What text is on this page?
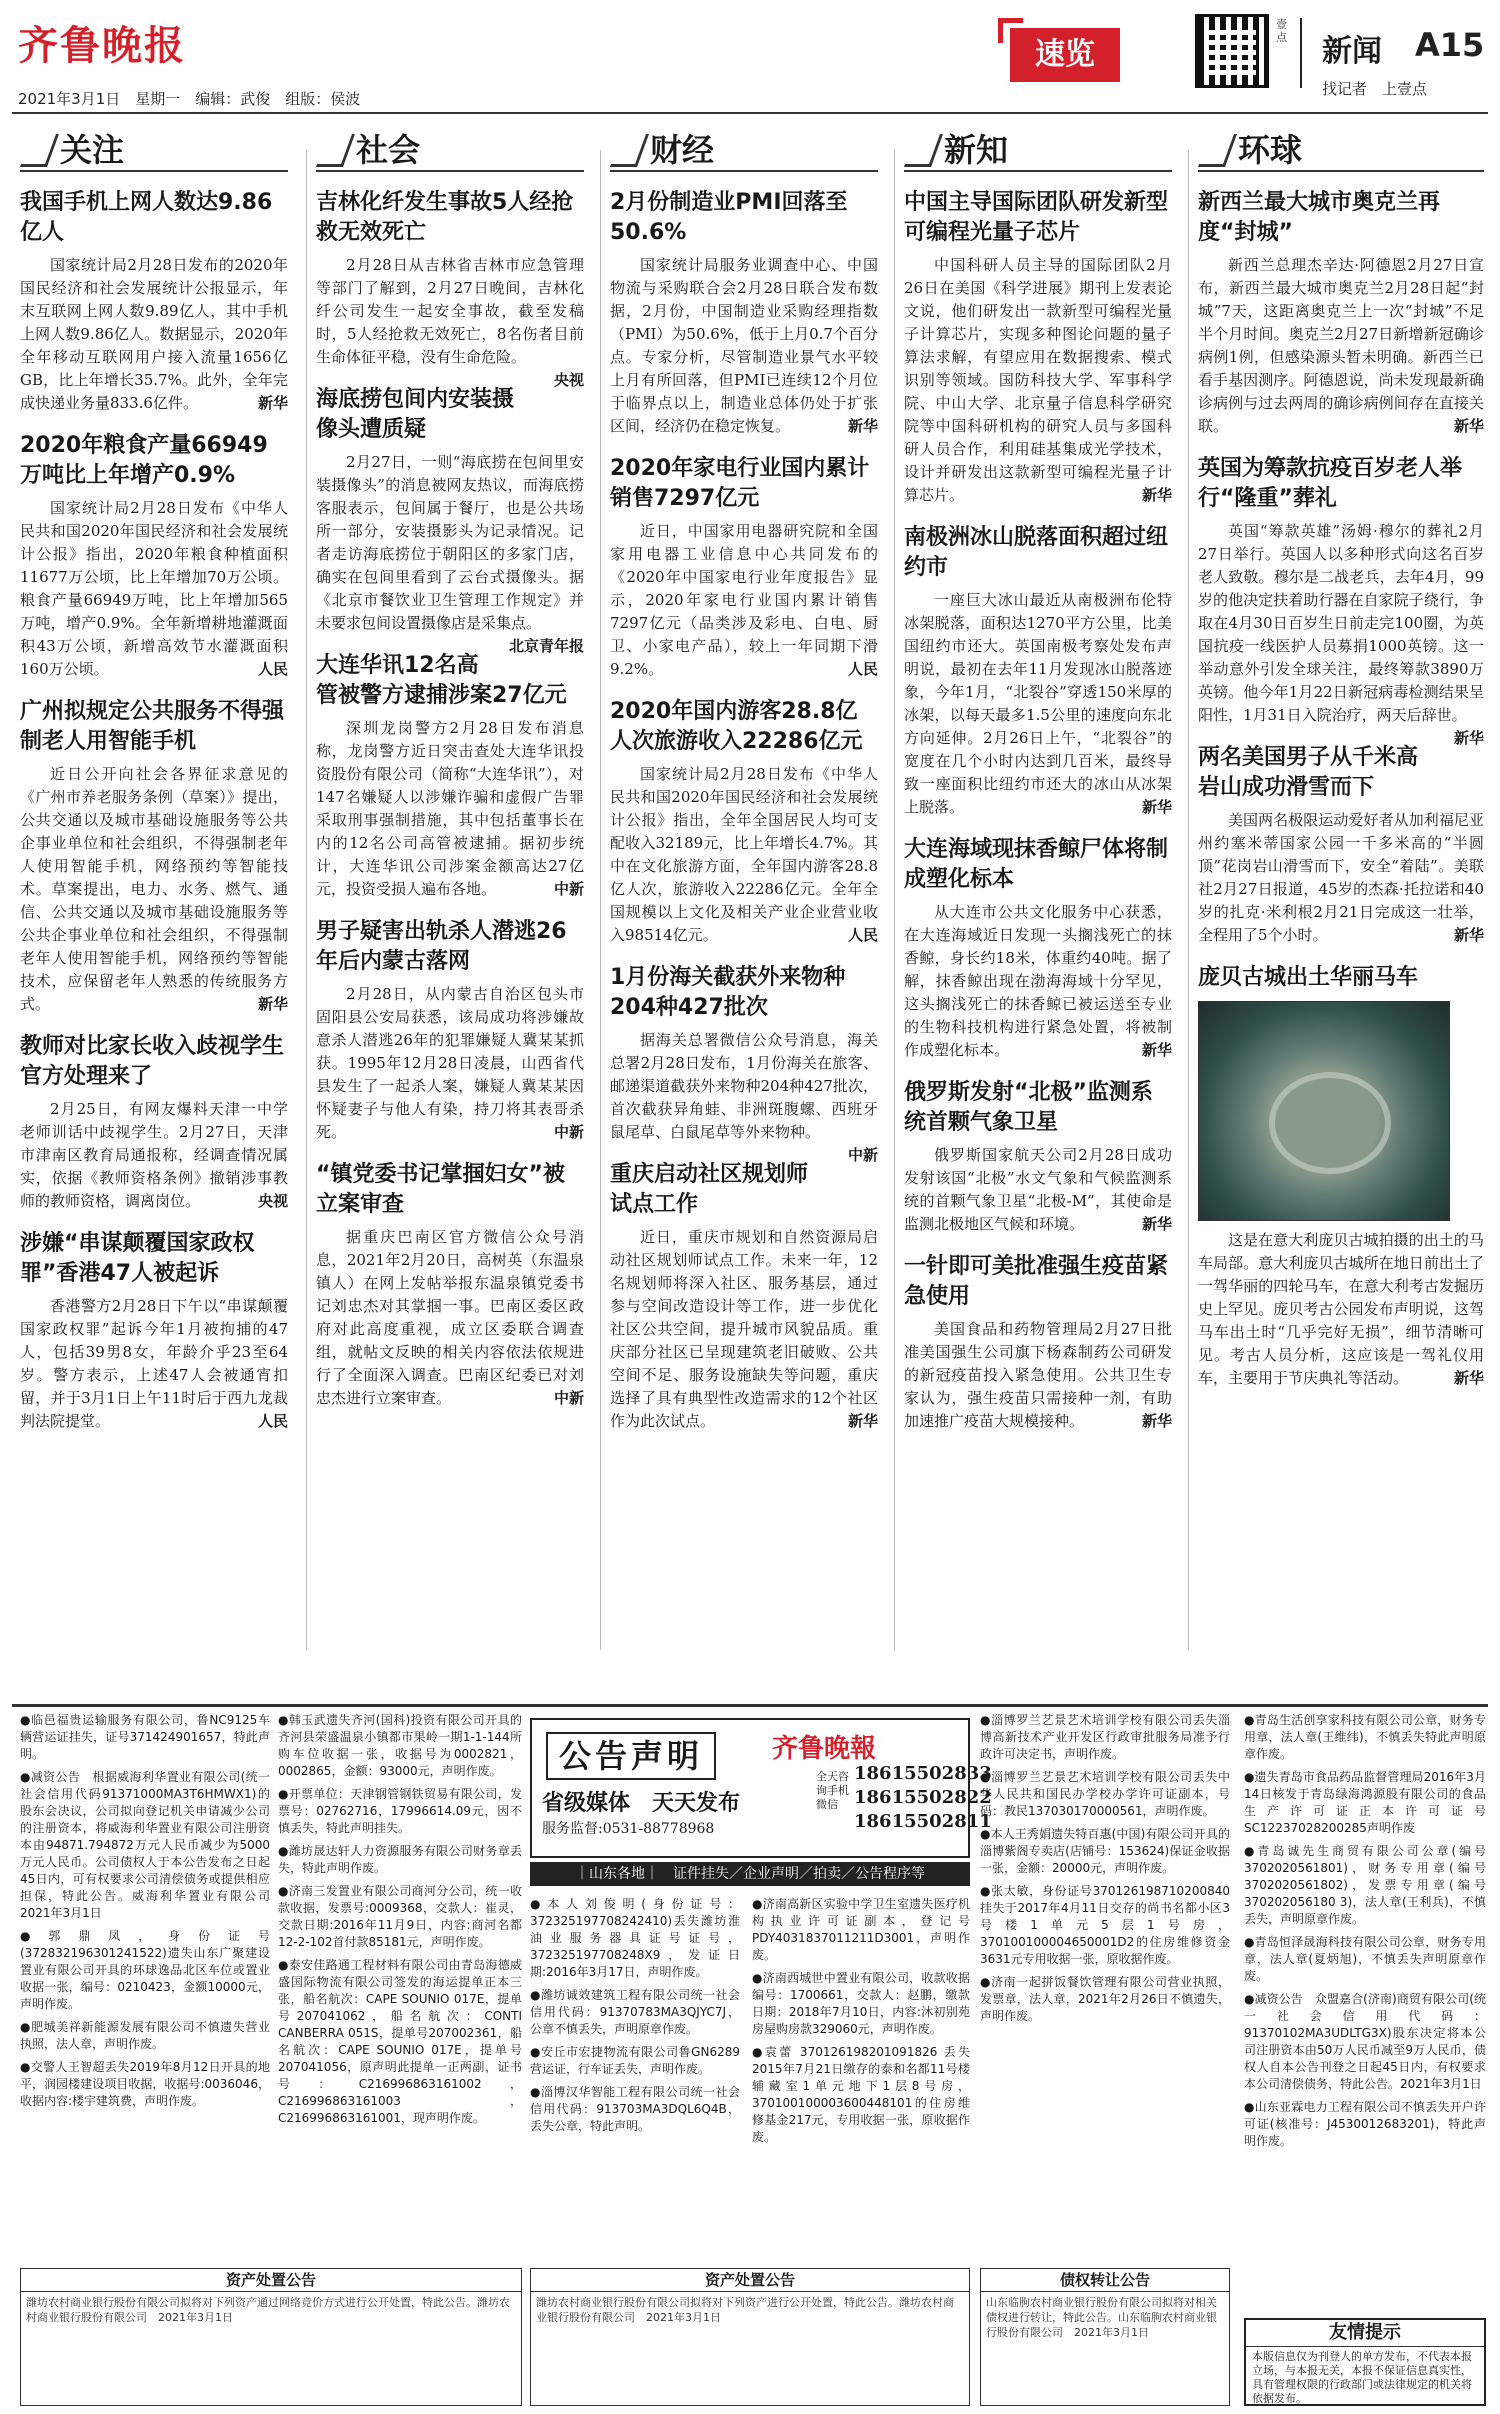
齐鲁晚报
2021年3月1日　星期一　编辑：武俊　组版：侯波
速览
壹点	新闻 A15
找记者　上壹点
关注
我国手机上网人数达9.86亿人
国家统计局2月28日发布的2020年国民经济和社会发展统计公报显示，年末互联网上网人数9.89亿人，其中手机上网人数9.86亿人。数据显示，2020年全年移动互联网用户接入流量1656亿GB，比上年增长35.7%。此外，全年完成快递业务量833.6亿件。	新华
2020年粮食产量66949万吨比上年增产0.9%
国家统计局2月28日发布《中华人民共和国2020年国民经济和社会发展统计公报》指出，2020年粮食种植面积11677万公顷，比上年增加70万公顷。粮食产量66949万吨，比上年增加565万吨，增产0.9%。全年新增耕地灌溉面积43万公顷，新增高效节水灌溉面积160万公顷。	人民
广州拟规定公共服务不得强制老人用智能手机
近日公开向社会各界征求意见的《广州市养老服务条例（草案）》提出，公共交通以及城市基础设施服务等公共企事业单位和社会组织，不得强制老年人使用智能手机，网络预约等智能技术。草案提出，电力、水务、燃气、通信、公共交通以及城市基础设施服务等公共企事业单位和社会组织，不得强制老年人使用智能手机，网络预约等智能技术，应保留老年人熟悉的传统服务方式。	新华
教师对比家长收入歧视学生官方处理来了
2月25日，有网友爆料天津一中学老师训话中歧视学生。2月27日，天津市津南区教育局通报称，经调查情况属实，依据《教师资格条例》撤销涉事教师的教师资格，调离岗位。	央视
涉嫌“串谋颠覆国家政权罪”香港47人被起诉
香港警方2月28日下午以“串谋颠覆国家政权罪”起诉今年1月被拘捕的47人，包括39男8女，年龄介乎23至64岁。警方表示，上述47人会被通宵扣留，并于3月1日上午11时后于西九龙裁判法院提堂。	人民
社会
吉林化纤发生事故5人经抢救无效死亡
2月28日从吉林省吉林市应急管理等部门了解到，2月27日晚间，吉林化纤公司发生一起安全事故，截至发稿时，5人经抢救无效死亡，8名伤者目前生命体征平稳，没有生命危险。
央视
海底捞包间内安装摄像头遭质疑
2月27日，一则“海底捞在包间里安装摄像头”的消息被网友热议，而海底捞客服表示，包间属于餐厅，也是公共场所一部分，安装摄影头为记录情况。记者走访海底捞位于朝阳区的多家门店，确实在包间里看到了云台式摄像头。据《北京市餐饮业卫生管理工作规定》并未要求包间设置摄像店是采集点。
北京青年报
大连华讯12名高管被警方逮捕涉案27亿元
深圳龙岗警方2月28日发布消息称，龙岗警方近日突击查处大连华讯投资股份有限公司（简称“大连华讯”），对147名嫌疑人以涉嫌诈骗和虚假广告罪采取刑事强制措施，其中包括董事长在内的12名公司高管被逮捕。据初步统计，大连华讯公司涉案金额高达27亿元，投资受损人遍布各地。	中新
男子疑害出轨杀人潜逃26年后内蒙古落网
2月28日，从内蒙古自治区包头市固阳县公安局获悉，该局成功将涉嫌故意杀人潜逃26年的犯罪嫌疑人冀某某抓获。1995年12月28日凌晨，山西省代县发生了一起杀人案，嫌疑人冀某某因怀疑妻子与他人有染，持刀将其表哥杀死。	中新
“镇党委书记掌掴妇女”被立案审查
据重庆巴南区官方微信公众号消息，2021年2月20日，高树英（东温泉镇人）在网上发帖举报东温泉镇党委书记刘忠杰对其掌掴一事。巴南区委区政府对此高度重视，成立区委联合调查组，就帖文反映的相关内容依法依规进行了全面深入调查。巴南区纪委已对刘忠杰进行立案审查。	中新
财经
2月份制造业PMI回落至50.6%
国家统计局服务业调查中心、中国物流与采购联合会2月28日联合发布数据，2月份，中国制造业采购经理指数（PMI）为50.6%，低于上月0.7个百分点。专家分析，尽管制造业景气水平较上月有所回落，但PMI已连续12个月位于临界点以上，制造业总体仍处于扩张区间，经济仍在稳定恢复。	新华
2020年家电行业国内累计销售7297亿元
近日，中国家用电器研究院和全国家用电器工业信息中心共同发布的《2020年中国家电行业年度报告》显示，2020年家电行业国内累计销售7297亿元（品类涉及彩电、白电、厨卫、小家电产品），较上一年同期下滑9.2%。	人民
2020年国内游客28.8亿人次旅游收入22286亿元
国家统计局2月28日发布《中华人民共和国2020年国民经济和社会发展统计公报》指出，全年全国居民人均可支配收入32189元，比上年增长4.7%。其中在文化旅游方面，全年国内游客28.8亿人次，旅游收入22286亿元。全年全国规模以上文化及相关产业企业营业收入98514亿元。	人民
1月份海关截获外来物种204种427批次
据海关总署微信公众号消息，海关总署2月28日发布，1月份海关在旅客、邮递渠道截获外来物种204种427批次，首次截获异角蛙、非洲斑腹螺、西班牙鼠尾草、白鼠尾草等外来物种。
中新
重庆启动社区规划师试点工作
近日，重庆市规划和自然资源局启动社区规划师试点工作。未来一年，12名规划师将深入社区、服务基层，通过参与空间改造设计等工作，进一步优化社区公共空间，提升城市风貌品质。重庆部分社区已呈现建筑老旧破败、公共空间不足、服务设施缺失等问题，重庆选择了具有典型性改造需求的12个社区作为此次试点。	新华
新知
中国主导国际团队研发新型可编程光量子芯片
中国科研人员主导的国际团队2月26日在美国《科学进展》期刊上发表论文说，他们研发出一款新型可编程光量子计算芯片，实现多种图论问题的量子算法求解，有望应用在数据搜索、模式识别等领域。国防科技大学、军事科学院、中山大学、北京量子信息科学研究院等中国科研机构的研究人员与多国科研人员合作，利用硅基集成光学技术，设计并研发出这款新型可编程光量子计算芯片。	新华
南极洲冰山脱落面积超过纽约市
一座巨大冰山最近从南极洲布伦特冰架脱落，面积达1270平方公里，比美国纽约市还大。英国南极考察处发布声明说，最初在去年11月发现冰山脱落迹象，今年1月，“北裂谷”穿透150米厚的冰架，以每天最多1.5公里的速度向东北方向延伸。2月26日上午，“北裂谷”的宽度在几个小时内达到几百米，最终导致一座面积比纽约市还大的冰山从冰架上脱落。	新华
大连海域现抹香鲸尸体将制成塑化标本
从大连市公共文化服务中心获悉，在大连海域近日发现一头搁浅死亡的抹香鲸，身长约18米，体重约40吨。据了解，抹香鲸出现在渤海海域十分罕见，这头搁浅死亡的抹香鲸已被运送至专业的生物科技机构进行紧急处置，将被制作成塑化标本。	新华
俄罗斯发射“北极”监测系统首颗气象卫星
俄罗斯国家航天公司2月28日成功发射该国“北极”水文气象和气候监测系统的首颗气象卫星“北极-M”，其使命是监测北极地区气候和环境。	新华
一针即可美批准强生疫苗紧急使用
美国食品和药物管理局2月27日批准美国强生公司旗下杨森制药公司研发的新冠疫苗投入紧急使用。公共卫生专家认为，强生疫苗只需接种一剂，有助加速推广疫苗大规模接种。	新华
环球
新西兰最大城市奥克兰再度“封城”
新西兰总理杰辛达·阿德恩2月27日宣布，新西兰最大城市奥克兰2月28日起“封城”7天，这距离奥克兰上一次“封城”不足半个月时间。奥克兰2月27日新增新冠确诊病例1例，但感染源头暂未明确。新西兰已看手基因测序。阿德恩说，尚未发现最新确诊病例与过去两周的确诊病例间存在直接关联。	新华
英国为筹款抗疫百岁老人举行“隆重”葬礼
英国“筹款英雄”汤姆·穆尔的葬礼2月27日举行。英国人以多种形式向这名百岁老人致敬。穆尔是二战老兵，去年4月，99岁的他决定扶着助行器在自家院子绕行，争取在4月30日百岁生日前走完100圈，为英国抗疫一线医护人员募捐1000英镑。这一举动意外引发全球关注，最终筹款3890万英镑。他今年1月22日新冠病毒检测结果呈阳性，1月31日入院治疗，两天后辞世。
新华
两名美国男子从千米高岩山成功滑雪而下
美国两名极限运动爱好者从加利福尼亚州约塞米蒂国家公园一千多米高的“半圆顶”花岗岩山滑雪而下，安全“着陆”。美联社2月27日报道，45岁的杰森·托拉诺和40岁的扎克·米利根2月21日完成这一壮举，全程用了5个小时。	新华
庞贝古城出土华丽马车
这是在意大利庞贝古城拍摄的出土的马车局部。意大利庞贝古城所在地日前出土了一驾华丽的四轮马车，在意大利考古发掘历史上罕见。庞贝考古公园发布声明说，这驾马车出土时“几乎完好无损”，细节清晰可见。考古人员分析，这应该是一驾礼仪用车，主要用于节庆典礼等活动。	新华

●临邑福贵运输服务有限公司，鲁NC9125车辆营运证挂失，证号371424901657，特此声明。

●减资公告　根据威海利华置业有限公司(统一社会信用代码91371000MA3T6HMWX1)的股东会决议，公司拟向登记机关申请减少公司的注册资本，将威海利华置业有限公司注册资本由94871.794872万元人民币减少为5000万元人民币。公司债权人于本公告发布之日起45日内，可有权要求公司清偿债务或提供相应担保，特此公告。威海利华置业有限公司　2021年3月1日

●郭鼎凤，身份证号(372832196301241522)遗失山东广聚建设置业有限公司开具的环球逸品北区车位或置业收据一张，编号：0210423，金额10000元，声明作废。

●肥城美祥新能源发展有限公司不慎遗失营业执照，法人章，声明作废。

●交警人王智超丢失2019年8月12日开具的地平，润园楼建设项目收据，收据号:0036046，收据内容:楼宇建筑费，声明作废。

●韩玉武遗失齐河(国科)投资有限公司开具的齐河县荣盛温泉小镇都市果岭一期1-1-144所购车位收据一张，收据号为0002821，0002865，金额：93000元，声明作废。

●开票单位：天津钢管钢铁贸易有限公司，发票号：02762716，17996614.09元，因不慎丢失，特此声明挂失。

●潍坊晟达轩人力资源服务有限公司财务章丢失，特此声明作废。

●济南三发置业有限公司商河分公司，统一收款收据，发票号:0009368，交款人：崔灵，交款日期:2016年11月9日，内容:商河名都12-2-102首付款85181元，声明作废。

●泰安佳路通工程材料有限公司由青岛海德威盛国际物流有限公司签发的海运提单正本三张，船名航次：CAPE SOUNIO 017E，提单号207041062，船名航次：CONTI CANBERRA 051S，提单号207002361，船名航次：CAPE SOUNIO 017E，提单号207041056，原声明此提单一正两副，证书号：C216996863161002，C216996863161003，C216996863161001，现声明作废。

公告声明
省级媒体　天天发布
服务监督:0531-88778968
齐鲁晚報
全天咨询手机微信
18615502833
18615502822
18615502811
｜山东各地｜　证件挂失／企业声明／拍卖／公告程序等

●本人刘俊明(身份证号：372325197708242410)丢失潍坊淮油业服务器具证号证号，372325197708248X9，发证日期:2016年3月17日，声明作废。

●潍坊诚效建筑工程有限公司统一社会信用代码：91370783MA3QJYC7J，公章不慎丢失，声明原章作废。

●安丘市宏捷物流有限公司鲁GN6289营运证，行车证丢失，声明作废。

●淄博汉华智能工程有限公司统一社会信用代码：913703MA3DQL6Q4B，丢失公章，特此声明。

●济南高新区实验中学卫生室遗失医疗机构执业许可证副本，登记号PDY4031837011211D3001，声明作废。

●济南西城世中置业有限公司，收款收据编号：1700661，交款人：赵鹏，缴款日期：2018年7月10日，内容:沐初别苑房屋购房款329060元，声明作废。

●袁蕾 370126198201091826 丢失2015年7月21日缴存的泰和名都11号楼辅藏室1单元地下1层8号房，370100100003600448101的住房维修基金217元，专用收据一张，原收据作废。

●淄博罗兰艺景艺术培训学校有限公司丢失淄博高新技术产业开发区行政审批服务局准予行政许可决定书，声明作废。

●淄博罗兰艺景艺术培训学校有限公司丢失中华人民共和国民办学校办学许可证副本，号码：教民137030170000561，声明作废。

●本人王秀娟遗失特百惠(中国)有限公司开具的淄博紫阁专卖店(店铺号：153624)保证金收据一张，金额：20000元，声明作废。

●张太敏，身份证号370126198710200840挂失于2017年4月11日交存的尚书名都小区3号楼1单元5层1号房，370100100004650001D2的住房维修资金3631元专用收据一张，原收据作废。

●济南一起拼饭餐饮管理有限公司营业执照，发票章，法人章，2021年2月26日不慎遗失，声明作废。

●青岛生活创享家科技有限公司公章，财务专用章，法人章(王维纬)，不慎丢失特此声明原章作废。

●遗失青岛市食品药品监督管理局2016年3月14日核发于青岛绿海鸿源股有限公司的食品生产许可证正本许可证号SC12237028200285声明作废

●青岛诚先生商贸有限公司公章(编号3702020561801)，财务专用章(编号3702020561802)，发票专用章(编号370202056180 3)，法人章(王利兵)，不慎丢失，声明原章作废。

●青岛恒泽晟海科技有限公司公章，财务专用章，法人章(夏炳旭)，不慎丢失声明原章作废。

●减资公告　众盟嘉合(济南)商贸有限公司(统一社会信用代码：91370102MA3UDLTG3X)股东决定将本公司注册资本由50万人民币减至9万人民币，债权人自本公告刊登之日起45日内，有权要求本公司清偿债务，特此公告。2021年3月1日

●山东亚霖电力工程有限公司不慎丢失开户许可证(核准号：J4530012683201)，特此声明作废。

资产处置公告
潍坊农村商业银行股份有限公司拟将对下列资产通过网络竞价方式进行公开处置，特此公告。潍坊农村商业银行股份有限公司　2021年3月1日
资产处置公告
潍坊农村商业银行股份有限公司拟将对下列资产进行公开处置，特此公告。潍坊农村商业银行股份有限公司　2021年3月1日
债权转让公告
山东临朐农村商业银行股份有限公司拟将对相关债权进行转让，特此公告。山东临朐农村商业银行股份有限公司　2021年3月1日	友情提示
本版信息仅为刊登人的单方发布，不代表本报立场，与本报无关，本报不保证信息真实性，具有管理权限的行政部门或法律规定的机关将依据发布。
